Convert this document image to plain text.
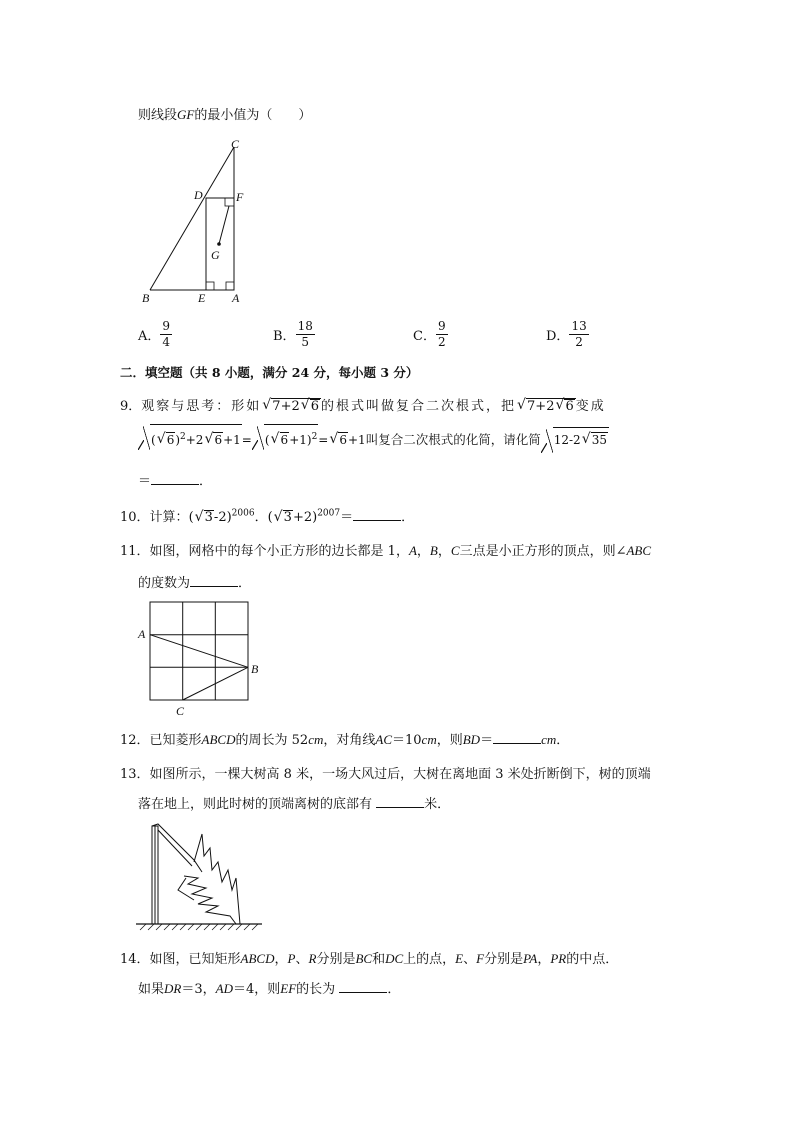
则线段GF的最小值为（　　）
C
D	F
G
B	E A
A． $\frac{9}{4}$	B． $\frac{18}{5}$	C． $\frac{9}{2}$	D． $\frac{13}{2}$
二．填空题（共 8 小题，满分 24 分，每小题 3 分）
9．观察与思考：形如 √ 7+2 √ 6 的根式叫做复合二次根式，把 √ 7+2 √ 6 变成
( √ 6)$^2$+2 √ 6+1= ( √ 6+1)$^2$= √ 6+1叫复合二次根式的化简，请化简 12-2 √ 35
＝	．
10．计算：( √ 3-2)$^{2006}$．( √ 3+2)$^{2007}$＝	．
11．如图，网格中的每个小正方形的边长都是 1，A，B，C三点是小正方形的顶点，则∠ABC
的度数为	．
A
B
C
12．已知菱形ABCD的周长为 52cm，对角线AC＝10cm，则BD＝	cm．
13．如图所示，一棵大树高 8 米，一场大风过后，大树在离地面 3 米处折断倒下，树的顶端
落在地上，则此时树的顶端离树的底部有	米．
14．如图，已知矩形ABCD，P、R分别是BC和DC上的点，E、F分别是PA，PR的中点．
如果DR＝3，AD＝4，则EF的长为	．
